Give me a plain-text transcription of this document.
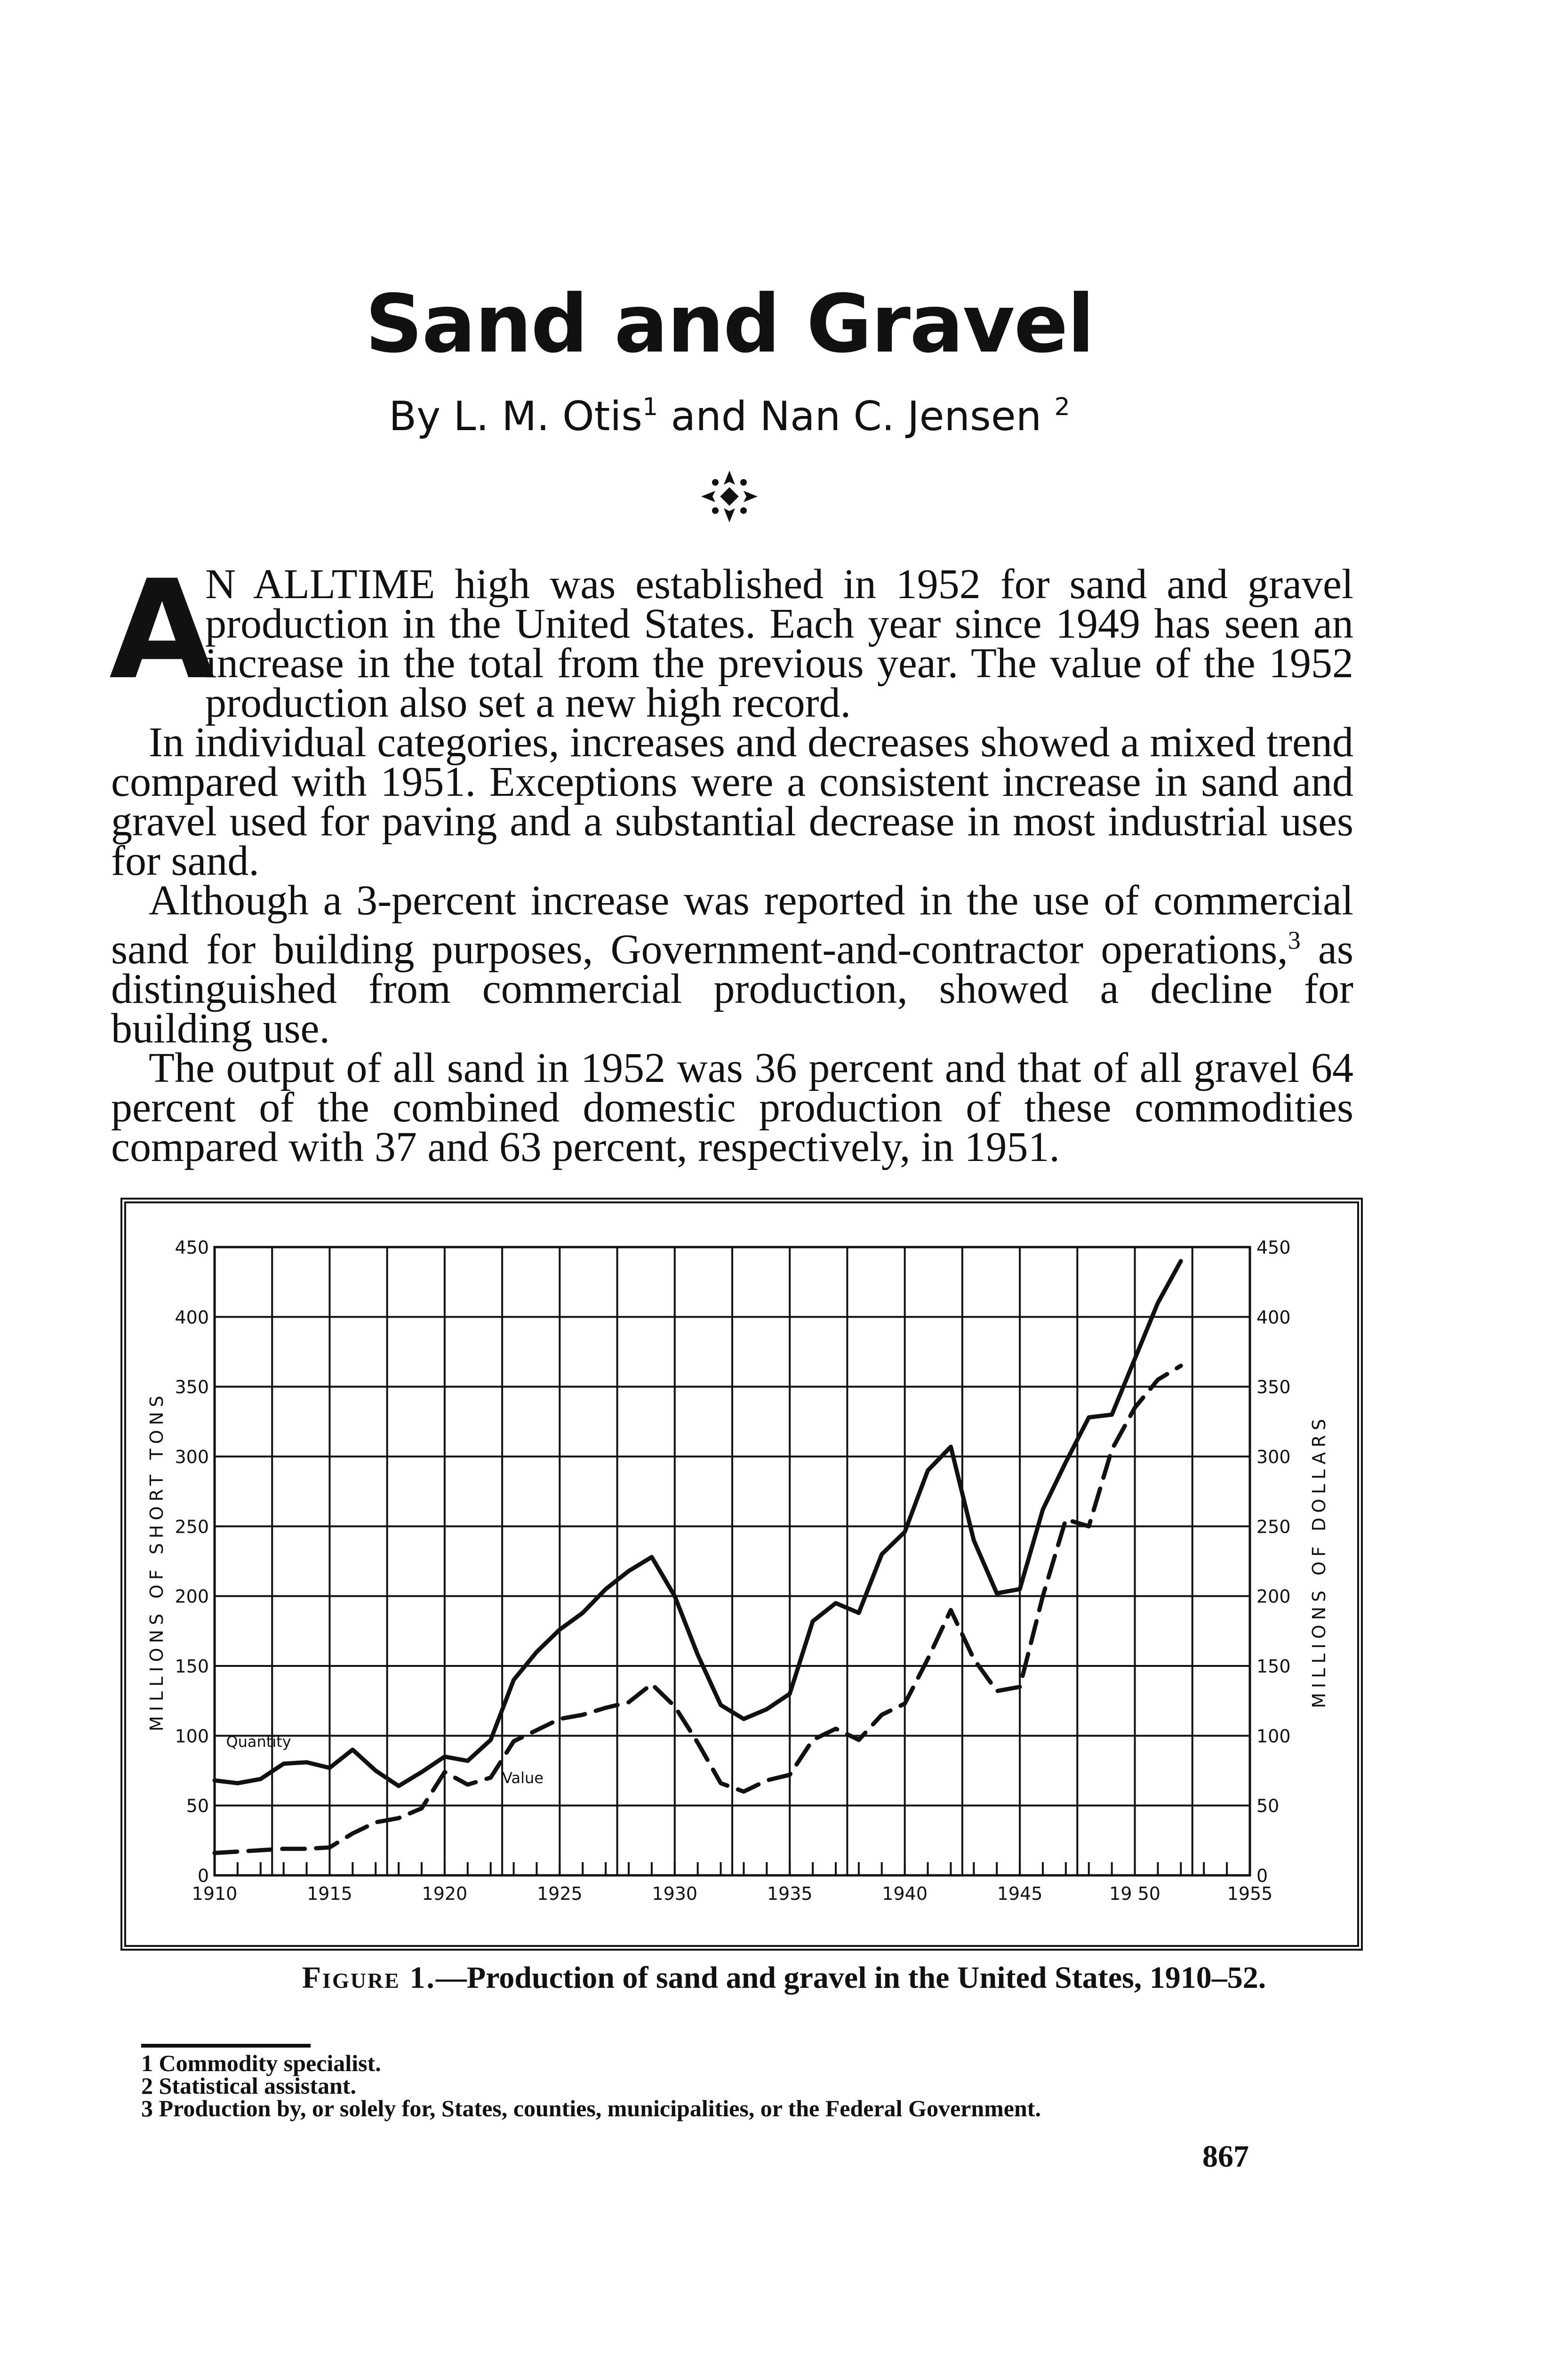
Sand and Gravel
By L. M. Otis$^1$ and Nan C. Jensen $^2$
A
N ALLTIME high was established in 1952 for sand and gravel production in the United States. Each year since 1949 has seen an increase in the total from the previous year. The value of the 1952 production also set a new high record.

In individual categories, increases and decreases showed a mixed trend compared with 1951. Exceptions were a consistent increase in sand and gravel used for paving and a substantial decrease in most industrial uses for sand.

Although a 3-percent increase was reported in the use of commercial sand for building purposes, Government-and-contractor operations,$^3$ as distinguished from commercial production, showed a decline for building use.

The output of all sand in 1952 was 36 percent and that of all gravel 64 percent of the combined domestic production of these commodities compared with 37 and 63 percent, respectively, in 1951.

0	0
50	50
100	100
150	150
200	200
250	250
300	300
350	350
400	400
450	450
1910	1915	1920	1925	1930	1935	1940	1945	19 50	1955
MILLIONS OF SHORT TONS	MILLIONS OF DOLLARS
Quantity
Value
Figure 1.—Production of sand and gravel in the United States, 1910–52.
1 Commodity specialist.
2 Statistical assistant.
3 Production by, or solely for, States, counties, municipalities, or the Federal Government.
867
